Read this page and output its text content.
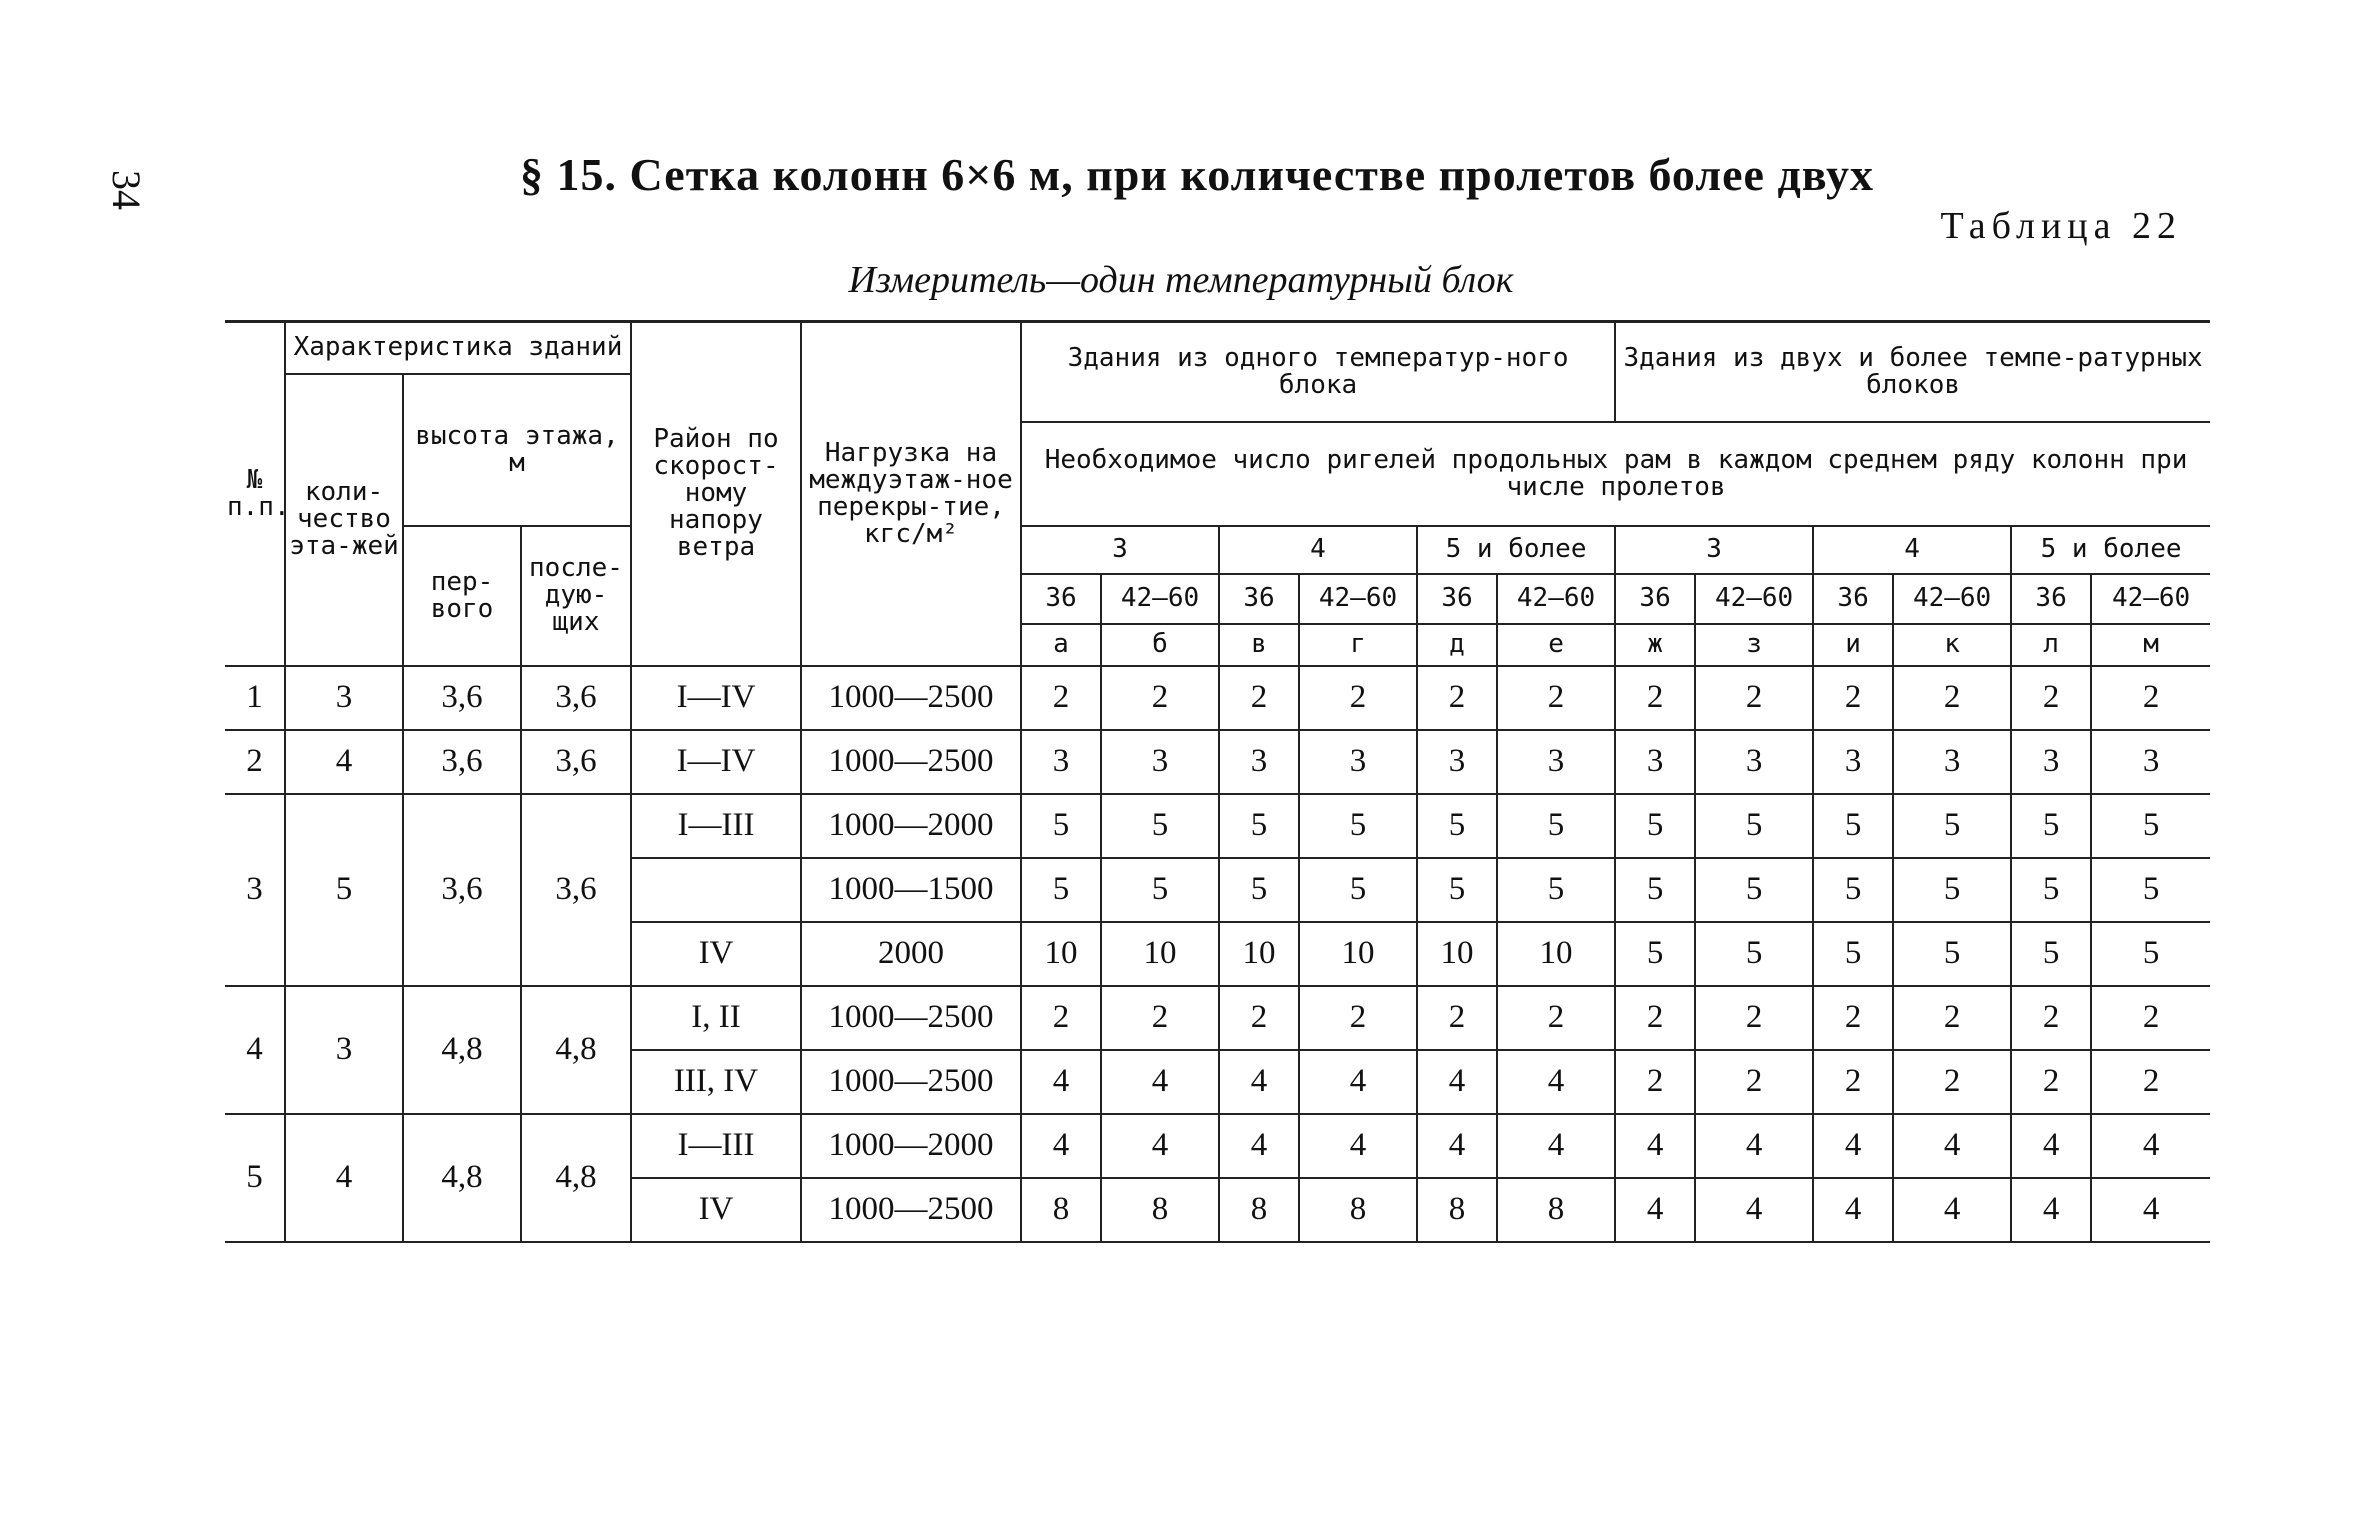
34	§ 15. Сетка колонн 6×6 м, при количестве пролетов более двух
Таблица 22
Измеритель—один температурный блок
№ п.п.	Характеристика зданий			Район по скорост-ному напору ветра	Нагрузка на междуэтаж-ное перекры-тие, кгс/м²	Здания из одного температур-ного блока						Здания из двух и более темпе-ратурных блоков					
	коли-чество эта-жей	высота этажа, м															
						Необходимое число ригелей продольных рам в каждом среднем ряду колонн при числе пролетов											
		пер-вого	после-дую-щих			3		4		5 и более		3		4		5 и более	
						36	42—60	36	42—60	36	42—60	36	42—60	36	42—60	36	42—60
						а	б	в	г	д	е	ж	з	и	к	л	м
1	3	3,6	3,6	I—IV	1000—2500	2	2	2	2	2	2	2	2	2	2	2	2
2	4	3,6	3,6	I—IV	1000—2500	3	3	3	3	3	3	3	3	3	3	3	3
3	5	3,6	3,6	I—III	1000—2000	5	5	5	5	5	5	5	5	5	5	5	5
					1000—1500	5	5	5	5	5	5	5	5	5	5	5	5
				IV	2000	10	10	10	10	10	10	5	5	5	5	5	5
4	3	4,8	4,8	I, II	1000—2500	2	2	2	2	2	2	2	2	2	2	2	2
				III, IV	1000—2500	4	4	4	4	4	4	2	2	2	2	2	2
5	4	4,8	4,8	I—III	1000—2000	4	4	4	4	4	4	4	4	4	4	4	4
				IV	1000—2500	8	8	8	8	8	8	4	4	4	4	4	4
